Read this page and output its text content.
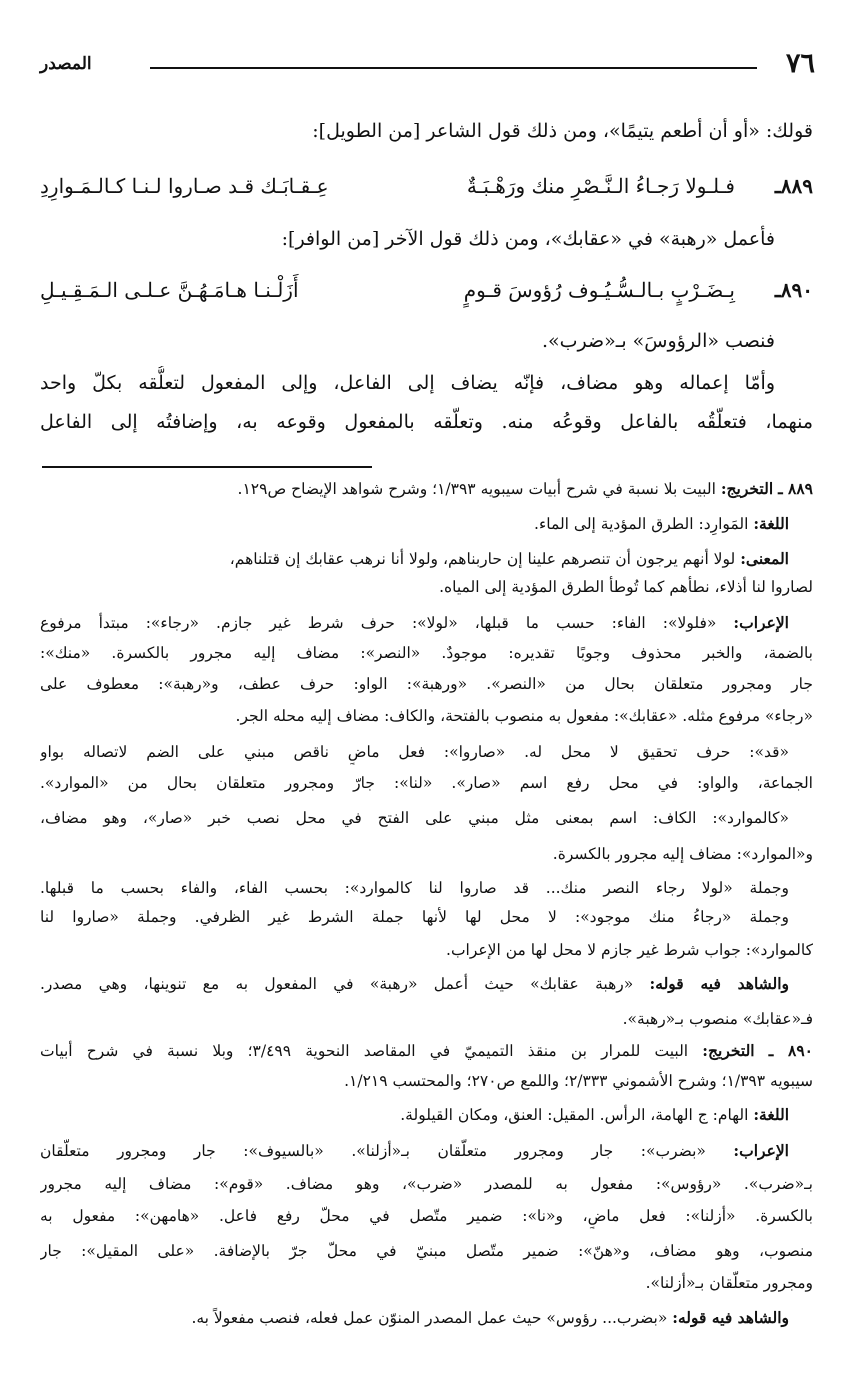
٧٦
المصدر
قولك: «أو أن أطعم يتيمًا»، ومن ذلك قول الشاعر [من الطويل]:
٨٨٩ـ
فـلـولا رَجـاءُ الـنَّـصْرِ منك ورَهْـبَـةٌ
عِـقـابَـك قـد صـاروا لـنـا كـالـمَـوارِدِ
فأعمل «رهبة» في «عقابك»، ومن ذلك قول الآخر [من الوافر]:
٨٩٠ـ
بِـضَـرْبٍ بـالـسُّـيُـوف رُؤوسَ قـومٍ
أَزَلْـنـا هـامَـهُـنَّ عـلـى الـمَـقِـيـلِ
فنصب «الرؤوسَ» بـ«ضرب».
وأمّا إعماله وهو مضاف، فإنّه يضاف إلى الفاعل، وإلى المفعول لتعلُّقه بكلّ واحد
منهما، فتعلّقُه بالفاعل وقوعُه منه. وتعلّقه بالمفعول وقوعه به، وإضافتُه إلى الفاعل
٨٨٩ ـ التخريج: البيت بلا نسبة في شرح أبيات سيبويه ١/٣٩٣؛ وشرح شواهد الإيضاح ص١٢٩.
اللغة: المَوارِد: الطرق المؤدية إلى الماء.
المعنى: لولا أنهم يرجون أن تنصرهم علينا إن حاربناهم، ولولا أنا نرهب عقابك إن قتلناهم،
لصاروا لنا أذلاء، نطأهم كما تُوطأ الطرق المؤدية إلى المياه.
الإعراب: «فلولا»: الفاء: حسب ما قبلها، «لولا»: حرف شرط غير جازم. «رجاء»: مبتدأ مرفوع
بالضمة، والخبر محذوف وجوبًا تقديره: موجودٌ. «النصر»: مضاف إليه مجرور بالكسرة. «منك»:
جار ومجرور متعلقان بحال من «النصر». «ورهبة»: الواو: حرف عطف، و«رهبة»: معطوف على
«رجاء» مرفوع مثله. «عقابك»: مفعول به منصوب بالفتحة، والكاف: مضاف إليه محله الجر.
«قد»: حرف تحقيق لا محل له. «صاروا»: فعل ماضٍ ناقص مبني على الضم لاتصاله بواو
الجماعة، والواو: في محل رفع اسم «صار». «لنا»: جارّ ومجرور متعلقان بحال من «الموارد».
«كالموارد»: الكاف: اسم بمعنى مثل مبني على الفتح في محل نصب خبر «صار»، وهو مضاف،
و«الموارد»: مضاف إليه مجرور بالكسرة.
وجملة «لولا رجاء النصر منك... قد صاروا لنا كالموارد»: بحسب الفاء، والفاء بحسب ما قبلها.
وجملة «رجاءُ منك موجود»: لا محل لها لأنها جملة الشرط غير الظرفي. وجملة «صاروا لنا
كالموارد»: جواب شرط غير جازم لا محل لها من الإعراب.
والشاهد فيه قوله: «رهبة عقابك» حيث أعمل «رهبة» في المفعول به مع تنوينها، وهي مصدر.
فـ«عقابك» منصوب بـ«رهبة».
٨٩٠ ـ التخريج: البيت للمرار بن منقذ التميميّ في المقاصد النحوية ٣/٤٩٩؛ وبلا نسبة في شرح أبيات
سيبويه ١/٣٩٣؛ وشرح الأشموني ٢/٣٣٣؛ واللمع ص٢٧٠؛ والمحتسب ١/٢١٩.
اللغة: الهام: ج الهامة، الرأس. المقيل: العنق، ومكان القيلولة.
الإعراب: «بضرب»: جار ومجرور متعلّقان بـ«أزلنا». «بالسيوف»: جار ومجرور متعلّقان
بـ«ضرب». «رؤوس»: مفعول به للمصدر «ضرب»، وهو مضاف. «قوم»: مضاف إليه مجرور
بالكسرة. «أزلنا»: فعل ماضٍ، و«نا»: ضمير متّصل في محلّ رفع فاعل. «هامهن»: مفعول به
منصوب، وهو مضاف، و«هنّ»: ضمير متّصل مبنيّ في محلّ جرّ بالإضافة. «على المقيل»: جار
ومجرور متعلّقان بـ«أزلنا».
والشاهد فيه قوله: «بضرب... رؤوس» حيث عمل المصدر المنوّن عمل فعله، فنصب مفعولاً به.
